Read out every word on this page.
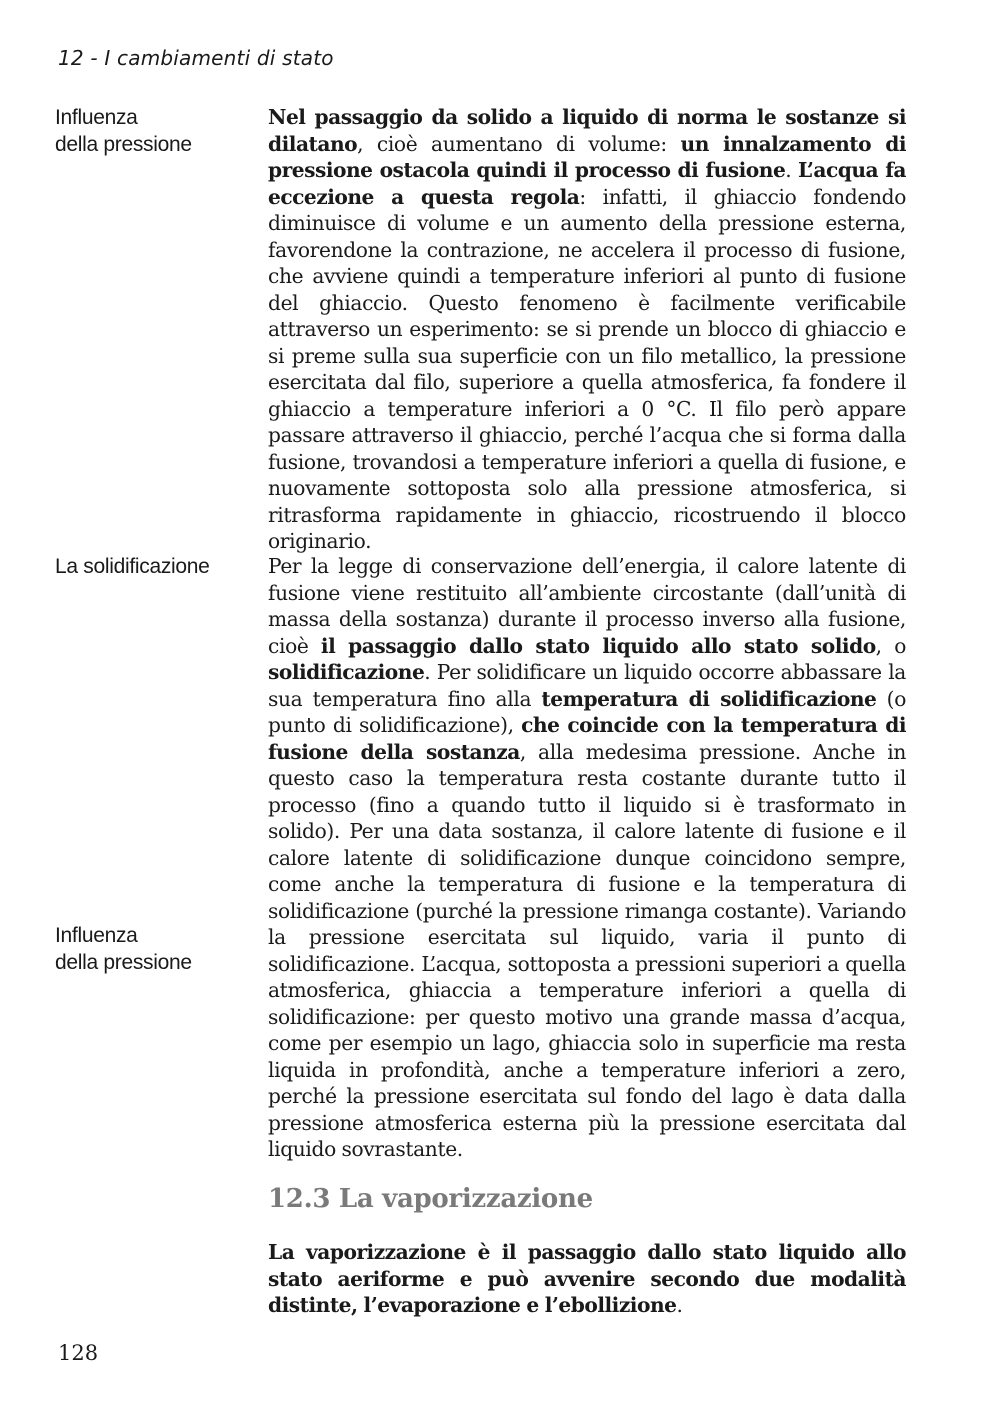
12 - I cambiamenti di stato
Influenza
della pressione
La solidificazione
Influenza
della pressione

Nel passaggio da solido a liquido di norma le sostanze si dilatano, cioè aumentano di volume: un innalzamento di pressione ostacola quindi il processo di fusione. L’acqua fa eccezione a questa regola: infatti, il ghiaccio fondendo diminuisce di volume e un aumento della pressione esterna, favorendone la contrazione, ne accelera il processo di fusione, che avviene quindi a temperature inferiori al punto di fusione del ghiaccio. Questo fenomeno è facilmente verificabile attraverso un esperimento: se si prende un blocco di ghiaccio e si preme sulla sua superficie con un filo metallico, la pressione esercitata dal filo, superiore a quella atmosferica, fa fondere il ghiaccio a temperature inferiori a 0 °C. Il filo però appare passare attraverso il ghiaccio, perché l’acqua che si forma dalla fusione, trovandosi a temperature inferiori a quella di fusione, e nuovamente sottoposta solo alla pressione atmosferica, si ritrasforma rapidamente in ghiaccio, ricostruendo il blocco originario.

Per la legge di conservazione dell’energia, il calore latente di fusione viene restituito all’ambiente circostante (dall’unità di massa della sostanza) durante il processo inverso alla fusione, cioè il passaggio dallo stato liquido allo stato solido, o solidificazione. Per solidificare un liquido occorre abbassare la sua temperatura fino alla temperatura di solidificazione (o punto di solidificazione), che coincide con la temperatura di fusione della sostanza, alla medesima pressione. Anche in questo caso la temperatura resta costante durante tutto il processo (fino a quando tutto il liquido si è trasformato in solido). Per una data sostanza, il calore latente di fusione e il calore latente di solidificazione dunque coincidono sempre, come anche la temperatura di fusione e la temperatura di solidificazione (purché la pressione rimanga costante). Variando la pressione esercitata sul liquido, varia il punto di solidificazione. L’acqua, sottoposta a pressioni superiori a quella atmosferica, ghiaccia a temperature inferiori a quella di solidificazione: per questo motivo una grande massa d’acqua, come per esempio un lago, ghiaccia solo in superficie ma resta liquida in profondità, anche a temperature inferiori a zero, perché la pressione esercitata sul fondo del lago è data dalla pressione atmosferica esterna più la pressione esercitata dal liquido sovrastante.

12.3 La vaporizzazione

La vaporizzazione è il passaggio dallo stato liquido allo stato aeriforme e può avvenire secondo due modalità distinte, l’evaporazione e l’ebollizione.

128
